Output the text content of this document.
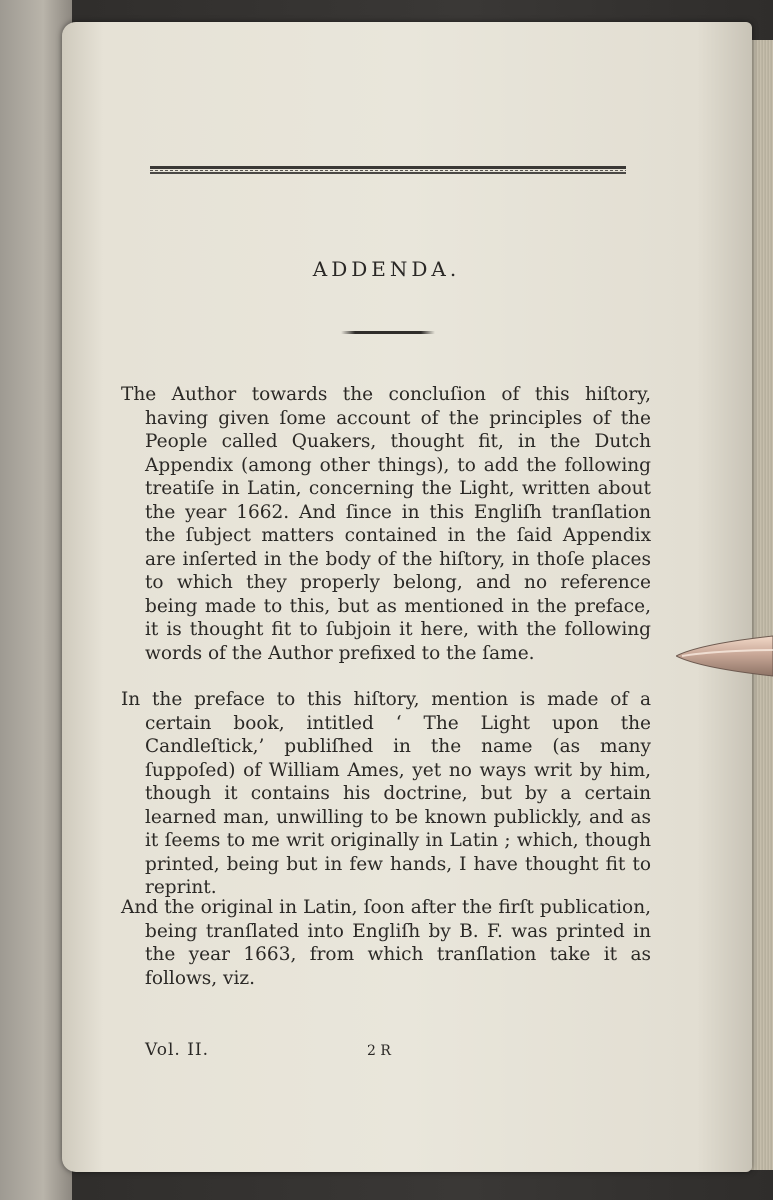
ADDENDA.

The Author towards the concluſion of this hiſtory, having given ſome account of the principles of the People called Quakers, thought fit, in the Dutch Appendix (among other things), to add the following treatiſe in Latin, concerning the Light, written about the year 1662. And ſince in this Engliſh tranſlation the ſubject matters contained in the ſaid Appendix are inſerted in the body of the hiſtory, in thoſe places to which they properly belong, and no reference being made to this, but as mentioned in the preface, it is thought fit to ſubjoin it here, with the following words of the Author prefixed to the ſame.

In the preface to this hiſtory, mention is made of a certain book, intitled ‘ The Light upon the Candleſtick,’ publiſhed in the name (as many ſuppoſed) of William Ames, yet no ways writ by him, though it contains his doctrine, but by a certain learned man, unwilling to be known publickly, and as it ſeems to me writ originally in Latin ; which, though printed, being but in few hands, I have thought fit to reprint.

And the original in Latin, ſoon after the firſt publication, being tranſlated into Engliſh by B. F. was printed in the year 1663, from which tranſlation take it as follows, viz.

Vol. II.	2 R
